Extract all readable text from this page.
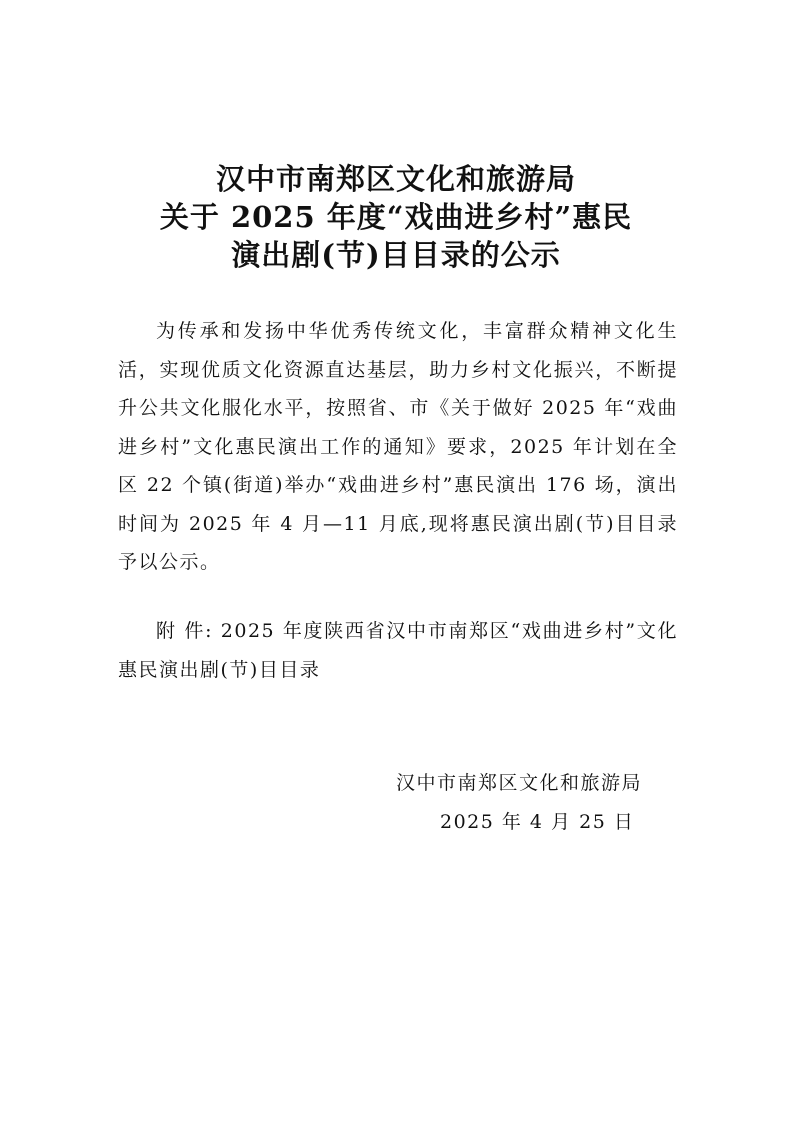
汉中市南郑区文化和旅游局
关于 2025 年度“戏曲进乡村”惠民
演出剧(节)目目录的公示

为传承和发扬中华优秀传统文化，丰富群众精神文化生活，实现优质文化资源直达基层，助力乡村文化振兴，不断提升公共文化服化水平，按照省、市《关于做好 2025 年“戏曲进乡村”文化惠民演出工作的通知》要求，2025 年计划在全区 22 个镇(街道)举办“戏曲进乡村”惠民演出 176 场，演出时间为 2025 年 4 月—11 月底,现将惠民演出剧(节)目目录予以公示。

附 件: 2025 年度陕西省汉中市南郑区“戏曲进乡村”文化惠民演出剧(节)目目录

汉中市南郑区文化和旅游局
2025 年 4 月 25 日
